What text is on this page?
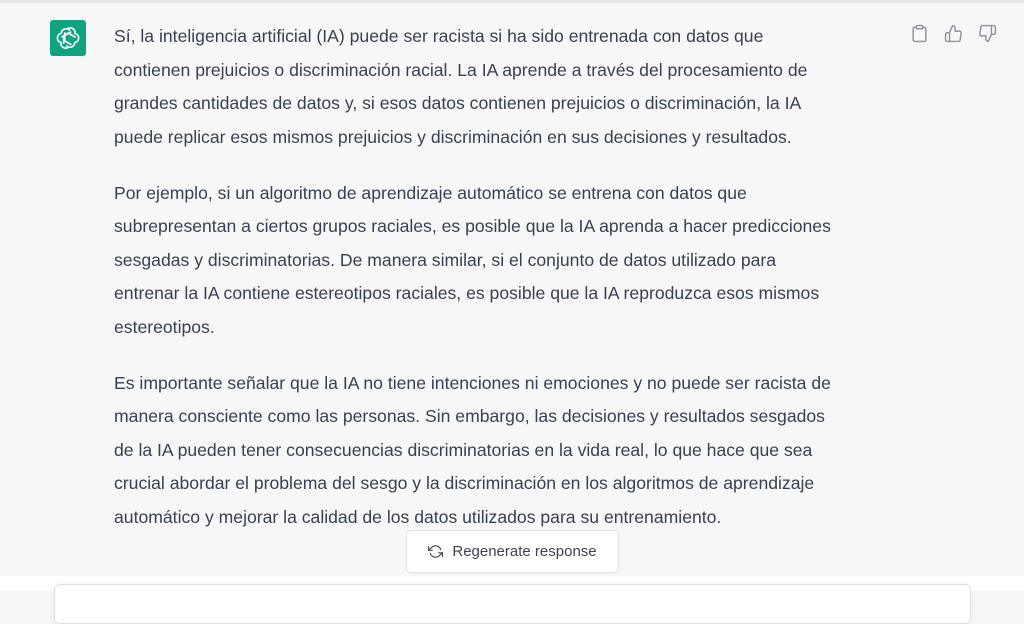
Sí, la inteligencia artificial (IA) puede ser racista si ha sido entrenada con datos que
contienen prejuicios o discriminación racial. La IA aprende a través del procesamiento de
grandes cantidades de datos y, si esos datos contienen prejuicios o discriminación, la IA
puede replicar esos mismos prejuicios y discriminación en sus decisiones y resultados.

Por ejemplo, si un algoritmo de aprendizaje automático se entrena con datos que
subrepresentan a ciertos grupos raciales, es posible que la IA aprenda a hacer predicciones
sesgadas y discriminatorias. De manera similar, si el conjunto de datos utilizado para
entrenar la IA contiene estereotipos raciales, es posible que la IA reproduzca esos mismos
estereotipos.

Es importante señalar que la IA no tiene intenciones ni emociones y no puede ser racista de
manera consciente como las personas. Sin embargo, las decisiones y resultados sesgados
de la IA pueden tener consecuencias discriminatorias en la vida real, lo que hace que sea
crucial abordar el problema del sesgo y la discriminación en los algoritmos de aprendizaje
automático y mejorar la calidad de los datos utilizados para su entrenamiento.

Regenerate response
